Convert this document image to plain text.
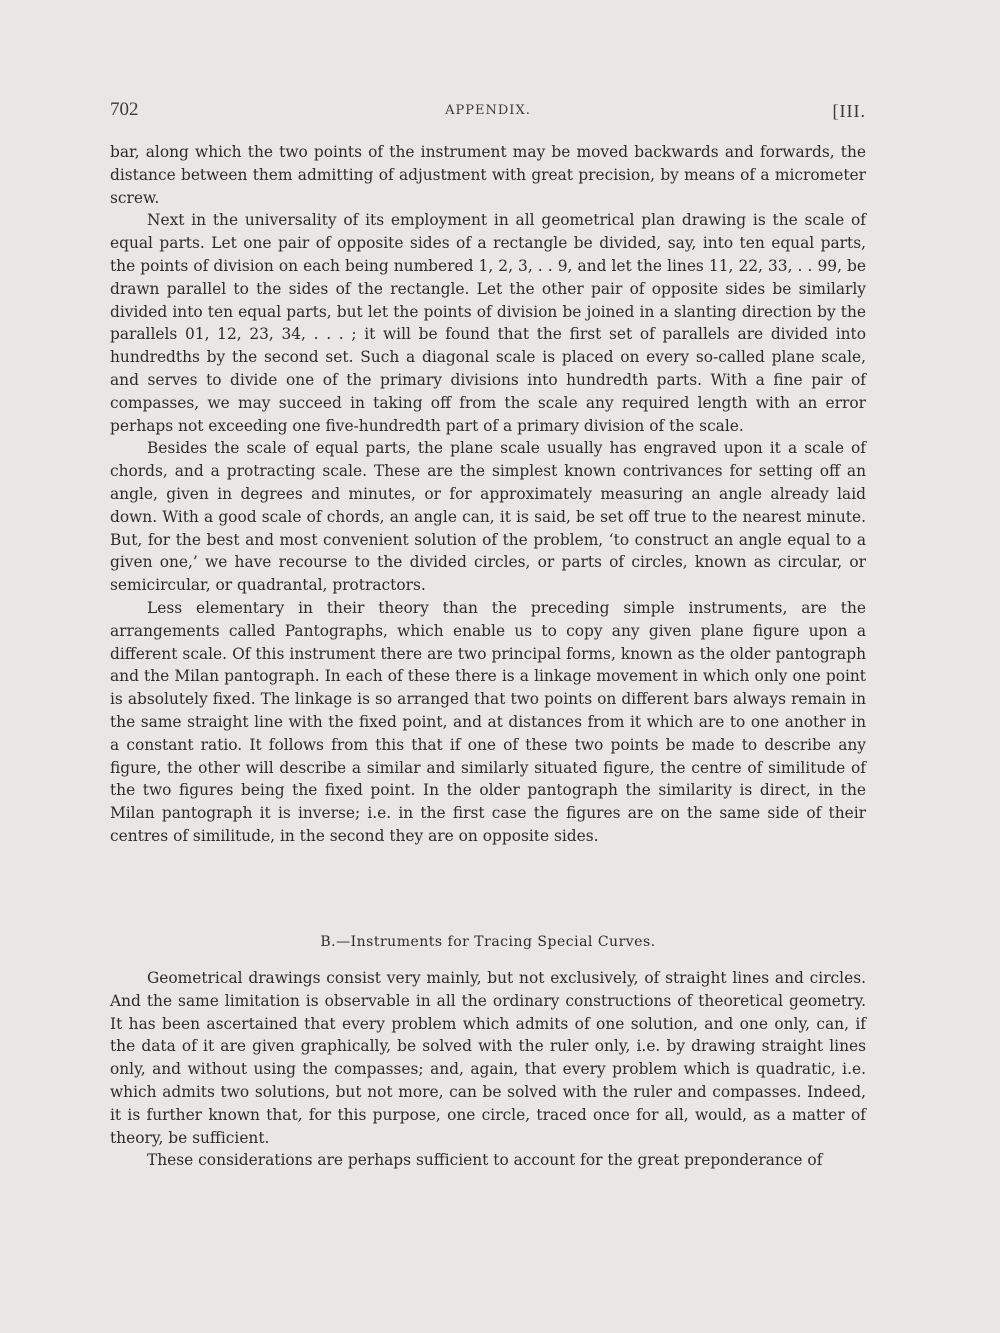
702	APPENDIX.	[III.

bar, along which the two points of the instrument may be moved backwards and forwards, the distance between them admitting of adjustment with great precision, by means of a micrometer screw.

Next in the universality of its employment in all geometrical plan drawing is the scale of equal parts. Let one pair of opposite sides of a rectangle be divided, say, into ten equal parts, the points of division on each being numbered 1, 2, 3, . . 9, and let the lines 11, 22, 33, . . 99, be drawn parallel to the sides of the rectangle. Let the other pair of opposite sides be similarly divided into ten equal parts, but let the points of division be joined in a slanting direction by the parallels 01, 12, 23, 34, . . . ; it will be found that the first set of parallels are divided into hundredths by the second set. Such a diagonal scale is placed on every so-called plane scale, and serves to divide one of the primary divisions into hundredth parts. With a fine pair of compasses, we may succeed in taking off from the scale any required length with an error perhaps not exceeding one five-hundredth part of a primary division of the scale.

Besides the scale of equal parts, the plane scale usually has engraved upon it a scale of chords, and a protracting scale. These are the simplest known contrivances for setting off an angle, given in degrees and minutes, or for approximately measuring an angle already laid down. With a good scale of chords, an angle can, it is said, be set off true to the nearest minute. But, for the best and most convenient solution of the problem, ‘to construct an angle equal to a given one,’ we have recourse to the divided circles, or parts of circles, known as circular, or semicircular, or quadrantal, protractors.

Less elementary in their theory than the preceding simple instruments, are the arrangements called Pantographs, which enable us to copy any given plane figure upon a different scale. Of this instrument there are two principal forms, known as the older pantograph and the Milan pantograph. In each of these there is a linkage movement in which only one point is absolutely fixed. The linkage is so arranged that two points on different bars always remain in the same straight line with the fixed point, and at distances from it which are to one another in a constant ratio. It follows from this that if one of these two points be made to describe any figure, the other will describe a similar and similarly situated figure, the centre of similitude of the two figures being the fixed point. In the older pantograph the similarity is direct, in the Milan pantograph it is inverse; i.e. in the first case the figures are on the same side of their centres of similitude, in the second they are on opposite sides.

B.—Instruments for Tracing Special Curves.

Geometrical drawings consist very mainly, but not exclusively, of straight lines and circles. And the same limitation is observable in all the ordinary constructions of theoretical geometry. It has been ascertained that every problem which admits of one solution, and one only, can, if the data of it are given graphically, be solved with the ruler only, i.e. by drawing straight lines only, and without using the compasses; and, again, that every problem which is quadratic, i.e. which admits two solutions, but not more, can be solved with the ruler and compasses. Indeed, it is further known that, for this purpose, one circle, traced once for all, would, as a matter of theory, be sufficient.

These considerations are perhaps sufficient to account for the great preponderance of
